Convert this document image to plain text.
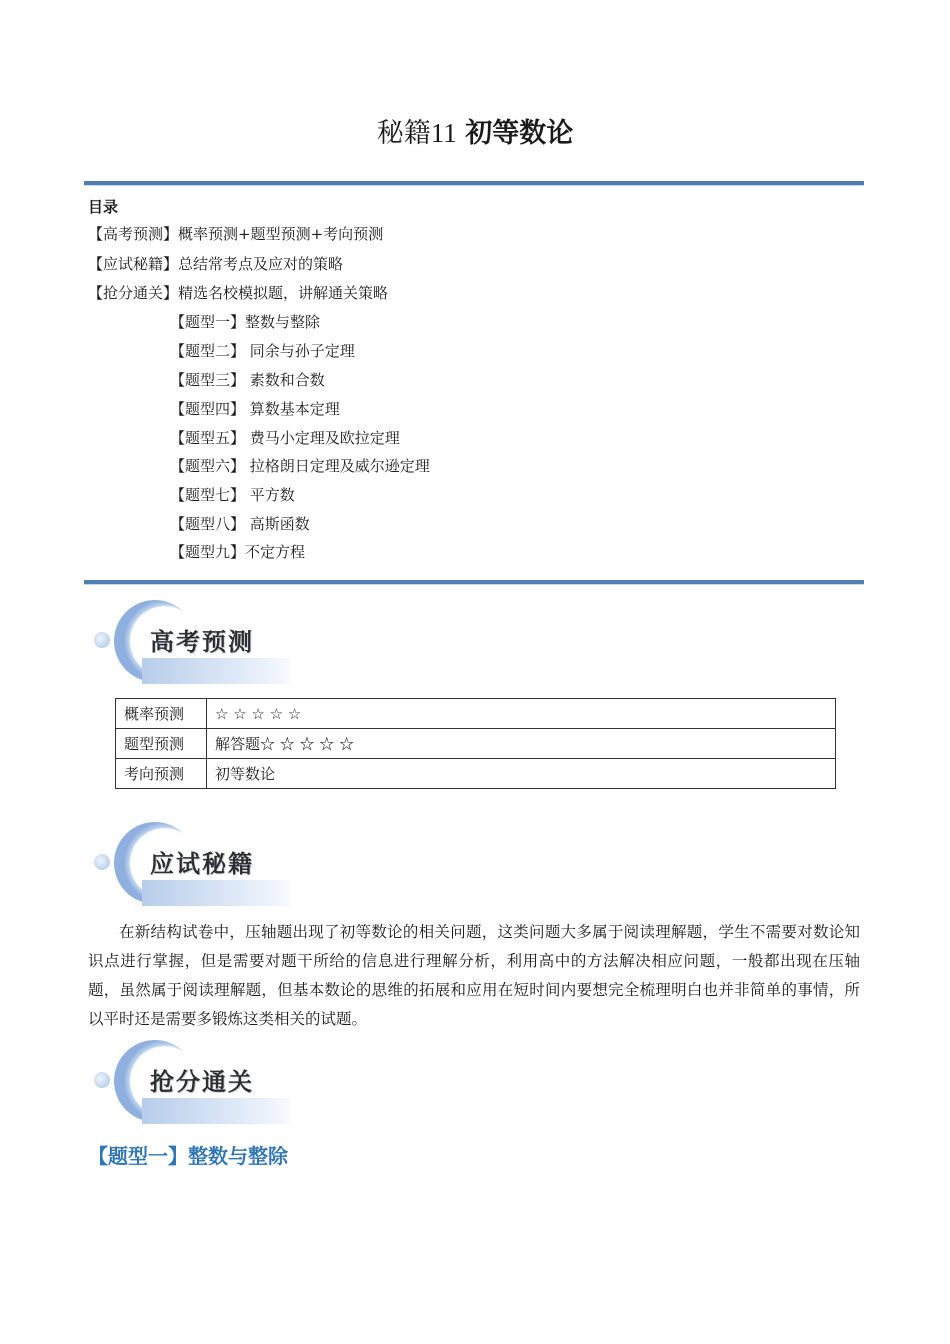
秘籍11 初等数论
目录
【高考预测】概率预测+题型预测+考向预测
【应试秘籍】总结常考点及应对的策略
【抢分通关】精选名校模拟题，讲解通关策略
【题型一】整数与整除
【题型二】 同余与孙子定理
【题型三】 素数和合数
【题型四】 算数基本定理
【题型五】 费马小定理及欧拉定理
【题型六】 拉格朗日定理及威尔逊定理
【题型七】 平方数
【题型八】 高斯函数
【题型九】不定方程
高考预测
概率预测	☆ ☆ ☆ ☆ ☆
题型预测	解答题☆ ☆ ☆ ☆ ☆
考向预测	初等数论
应试秘籍
在新结构试卷中，压轴题出现了初等数论的相关问题，这类问题大多属于阅读理解题，学生不需要对数论知识点进行掌握，但是需要对题干所给的信息进行理解分析，利用高中的方法解决相应问题，一般都出现在压轴题，虽然属于阅读理解题，但基本数论的思维的拓展和应用在短时间内要想完全梳理明白也并非简单的事情，所以平时还是需要多锻炼这类相关的试题。
抢分通关
【题型一】整数与整除
